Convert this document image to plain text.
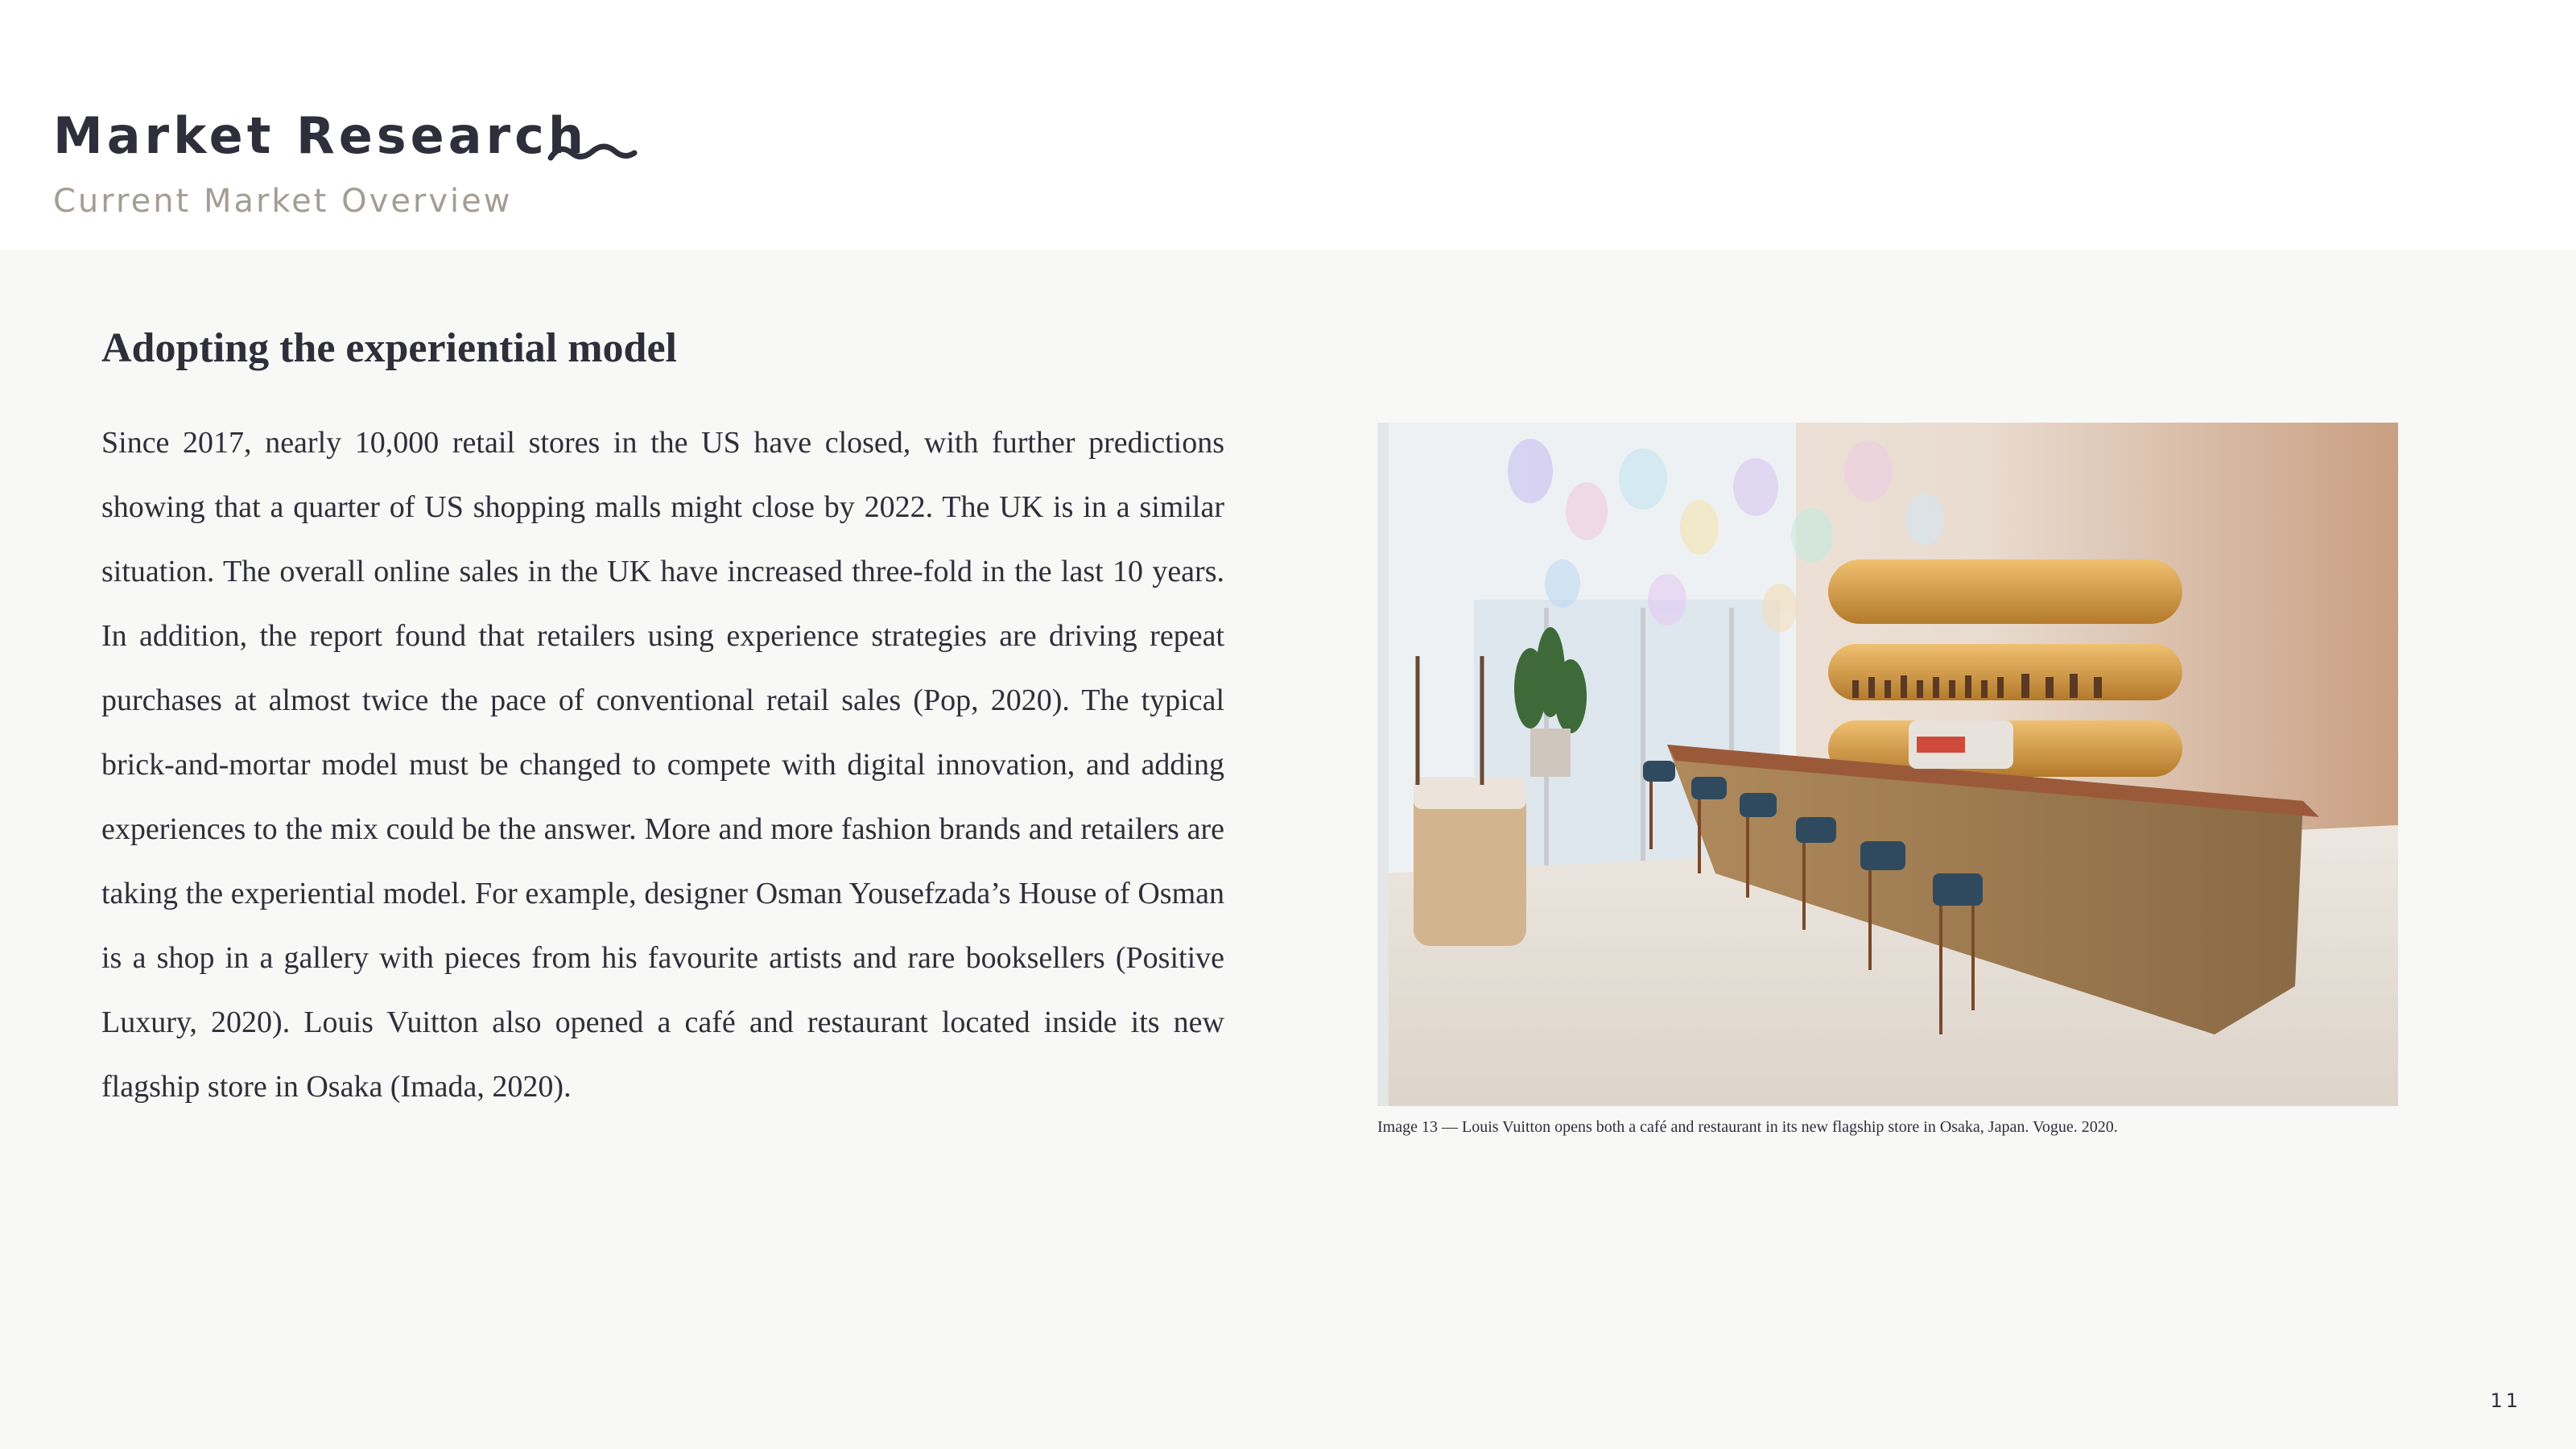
Market Research
Current Market Overview
Adopting the experiential model

Since 2017, nearly 10,000 retail stores in the US have closed, with further predictions showing that a quarter of US shopping malls might close by 2022. The UK is in a similar situation. The overall online sales in the UK have increased three-fold in the last 10 years. In addition, the report found that retailers using experience strategies are driving repeat purchases at almost twice the pace of conventional retail sales (Pop, 2020). The typical brick-and-mortar model must be changed to compete with digital innovation, and adding experiences to the mix could be the answer. More and more fashion brands and retailers are taking the experiential model. For example, designer Osman Yousefzada’s House of Osman is a shop in a gallery with pieces from his favourite artists and rare booksellers (Positive Luxury, 2020). Louis Vuitton also opened a café and restaurant located inside its new flagship store in Osaka (Imada, 2020).

Image 13 — Louis Vuitton opens both a café and restaurant in its new flagship store in Osaka, Japan. Vogue. 2020.
11
